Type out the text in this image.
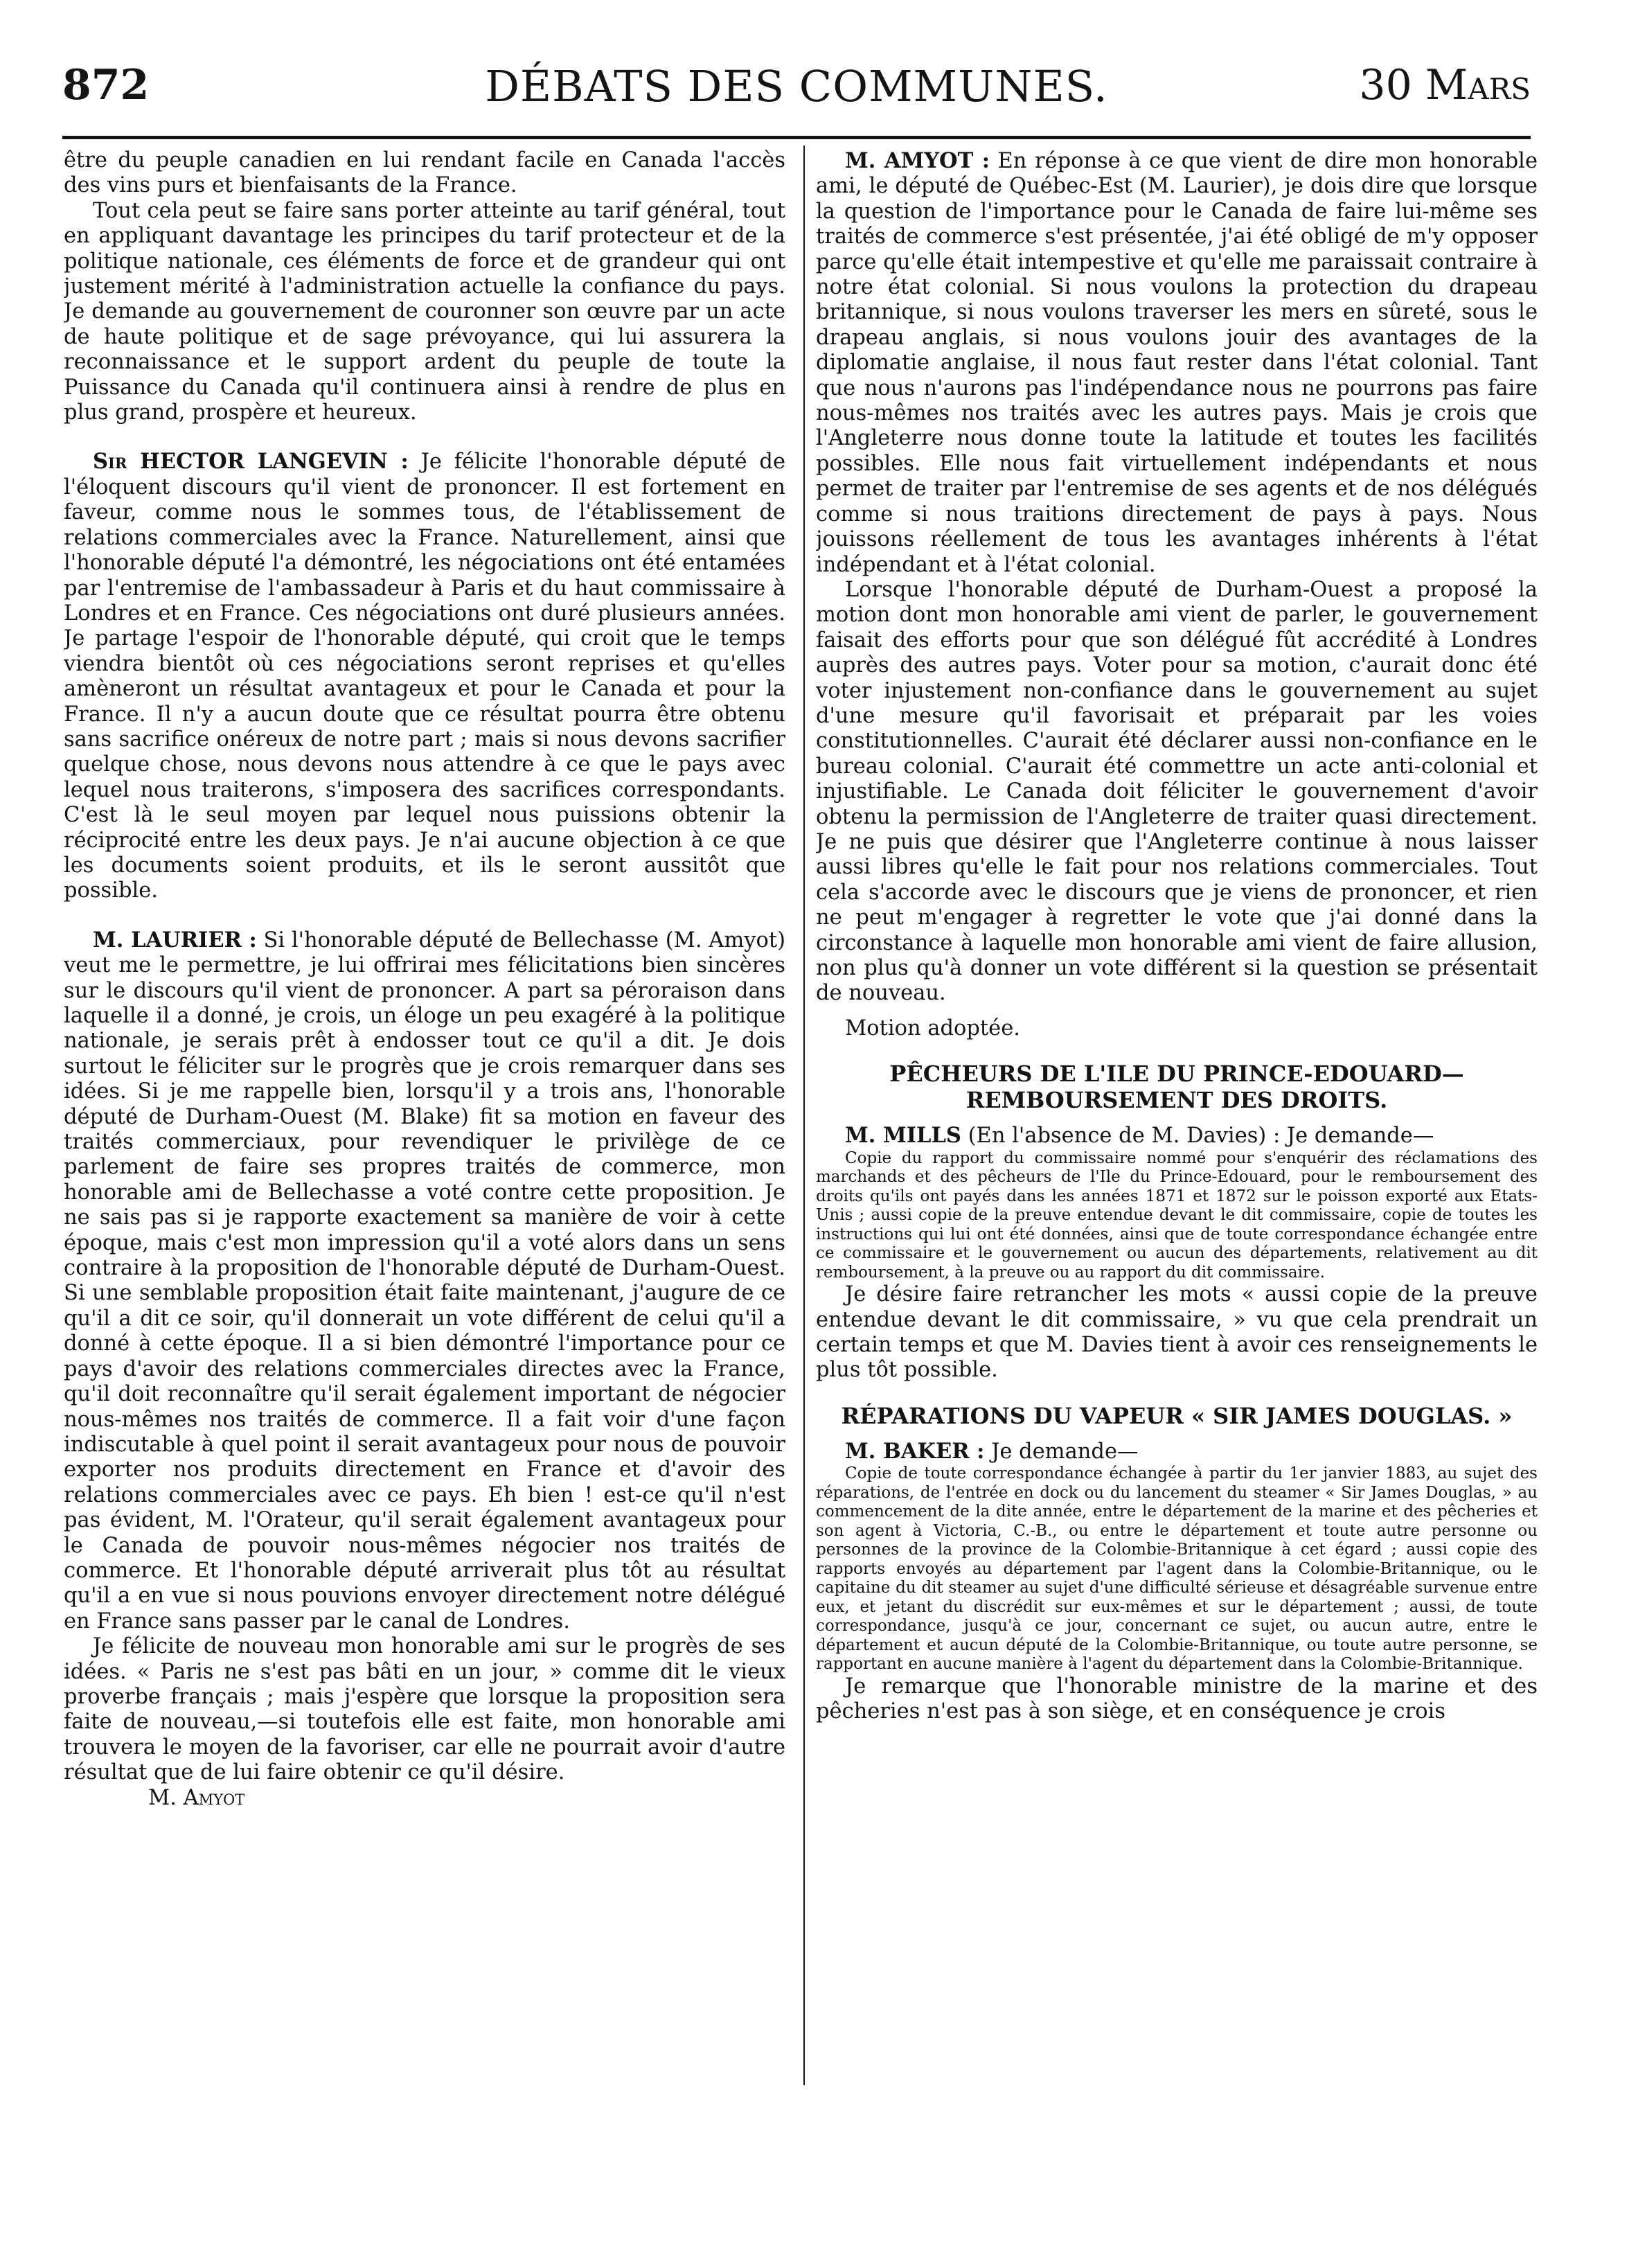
872	DÉBATS DES COMMUNES.	30 Mars

être du peuple canadien en lui rendant facile en Canada l'accès des vins purs et bienfaisants de la France.

Tout cela peut se faire sans porter atteinte au tarif général, tout en appliquant davantage les principes du tarif protecteur et de la politique nationale, ces éléments de force et de grandeur qui ont justement mérité à l'administration actuelle la confiance du pays. Je demande au gouvernement de couronner son œuvre par un acte de haute politique et de sage prévoyance, qui lui assurera la reconnaissance et le support ardent du peuple de toute la Puissance du Canada qu'il continuera ainsi à rendre de plus en plus grand, prospère et heureux.

Sir HECTOR LANGEVIN : Je félicite l'honorable député de l'éloquent discours qu'il vient de prononcer. Il est fortement en faveur, comme nous le sommes tous, de l'établissement de relations commerciales avec la France. Naturellement, ainsi que l'honorable député l'a démontré, les négociations ont été entamées par l'entremise de l'ambassadeur à Paris et du haut commissaire à Londres et en France. Ces négociations ont duré plusieurs années. Je partage l'espoir de l'honorable député, qui croit que le temps viendra bientôt où ces négociations seront reprises et qu'elles amèneront un résultat avantageux et pour le Canada et pour la France. Il n'y a aucun doute que ce résultat pourra être obtenu sans sacrifice onéreux de notre part ; mais si nous devons sacrifier quelque chose, nous devons nous attendre à ce que le pays avec lequel nous traiterons, s'imposera des sacrifices correspondants. C'est là le seul moyen par lequel nous puissions obtenir la réciprocité entre les deux pays. Je n'ai aucune objection à ce que les documents soient produits, et ils le seront aussitôt que possible.

M. LAURIER : Si l'honorable député de Bellechasse (M. Amyot) veut me le permettre, je lui offrirai mes félicitations bien sincères sur le discours qu'il vient de prononcer. A part sa péroraison dans laquelle il a donné, je crois, un éloge un peu exagéré à la politique nationale, je serais prêt à endosser tout ce qu'il a dit. Je dois surtout le féliciter sur le progrès que je crois remarquer dans ses idées. Si je me rappelle bien, lorsqu'il y a trois ans, l'honorable député de Durham-Ouest (M. Blake) fit sa motion en faveur des traités commerciaux, pour revendiquer le privilège de ce parlement de faire ses propres traités de commerce, mon honorable ami de Bellechasse a voté contre cette proposition. Je ne sais pas si je rapporte exactement sa manière de voir à cette époque, mais c'est mon impression qu'il a voté alors dans un sens contraire à la proposition de l'honorable député de Durham-Ouest. Si une semblable proposition était faite maintenant, j'augure de ce qu'il a dit ce soir, qu'il donnerait un vote différent de celui qu'il a donné à cette époque. Il a si bien démontré l'importance pour ce pays d'avoir des relations commerciales directes avec la France, qu'il doit reconnaître qu'il serait également important de négocier nous-mêmes nos traités de commerce. Il a fait voir d'une façon indiscutable à quel point il serait avantageux pour nous de pouvoir exporter nos produits directement en France et d'avoir des relations commerciales avec ce pays. Eh bien ! est-ce qu'il n'est pas évident, M. l'Orateur, qu'il serait également avantageux pour le Canada de pouvoir nous-mêmes négocier nos traités de commerce. Et l'honorable député arriverait plus tôt au résultat qu'il a en vue si nous pouvions envoyer directement notre délégué en France sans passer par le canal de Londres.

Je félicite de nouveau mon honorable ami sur le progrès de ses idées. « Paris ne s'est pas bâti en un jour, » comme dit le vieux proverbe français ; mais j'espère que lorsque la proposition sera faite de nouveau,—si toutefois elle est faite, mon honorable ami trouvera le moyen de la favoriser, car elle ne pourrait avoir d'autre résultat que de lui faire obtenir ce qu'il désire.

M. Amyot

M. AMYOT : En réponse à ce que vient de dire mon honorable ami, le député de Québec-Est (M. Laurier), je dois dire que lorsque la question de l'importance pour le Canada de faire lui-même ses traités de commerce s'est présentée, j'ai été obligé de m'y opposer parce qu'elle était intempestive et qu'elle me paraissait contraire à notre état colonial. Si nous voulons la protection du drapeau britannique, si nous voulons traverser les mers en sûreté, sous le drapeau anglais, si nous voulons jouir des avantages de la diplomatie anglaise, il nous faut rester dans l'état colonial. Tant que nous n'aurons pas l'indépendance nous ne pourrons pas faire nous-mêmes nos traités avec les autres pays. Mais je crois que l'Angleterre nous donne toute la latitude et toutes les facilités possibles. Elle nous fait virtuellement indépendants et nous permet de traiter par l'entremise de ses agents et de nos délégués comme si nous traitions directement de pays à pays. Nous jouissons réellement de tous les avantages inhérents à l'état indépendant et à l'état colonial.

Lorsque l'honorable député de Durham-Ouest a proposé la motion dont mon honorable ami vient de parler, le gouvernement faisait des efforts pour que son délégué fût accrédité à Londres auprès des autres pays. Voter pour sa motion, c'aurait donc été voter injustement non-confiance dans le gouvernement au sujet d'une mesure qu'il favorisait et préparait par les voies constitutionnelles. C'aurait été déclarer aussi non-confiance en le bureau colonial. C'aurait été commettre un acte anti-colonial et injustifiable. Le Canada doit féliciter le gouvernement d'avoir obtenu la permission de l'Angleterre de traiter quasi directement. Je ne puis que désirer que l'Angleterre continue à nous laisser aussi libres qu'elle le fait pour nos relations commerciales. Tout cela s'accorde avec le discours que je viens de prononcer, et rien ne peut m'engager à regretter le vote que j'ai donné dans la circonstance à laquelle mon honorable ami vient de faire allusion, non plus qu'à donner un vote différent si la question se présentait de nouveau.

Motion adoptée.

PÊCHEURS DE L'ILE DU PRINCE-EDOUARD—REMBOURSEMENT DES DROITS.

M. MILLS (En l'absence de M. Davies) : Je demande—

Copie du rapport du commissaire nommé pour s'enquérir des réclamations des marchands et des pêcheurs de l'Ile du Prince-Edouard, pour le remboursement des droits qu'ils ont payés dans les années 1871 et 1872 sur le poisson exporté aux Etats-Unis ; aussi copie de la preuve entendue devant le dit commissaire, copie de toutes les instructions qui lui ont été données, ainsi que de toute correspondance échangée entre ce commissaire et le gouvernement ou aucun des départements, relativement au dit remboursement, à la preuve ou au rapport du dit commissaire.

Je désire faire retrancher les mots « aussi copie de la preuve entendue devant le dit commissaire, » vu que cela prendrait un certain temps et que M. Davies tient à avoir ces renseignements le plus tôt possible.

RÉPARATIONS DU VAPEUR « SIR JAMES DOUGLAS. »

M. BAKER : Je demande—

Copie de toute correspondance échangée à partir du 1er janvier 1883, au sujet des réparations, de l'entrée en dock ou du lancement du steamer « Sir James Douglas, » au commencement de la dite année, entre le département de la marine et des pêcheries et son agent à Victoria, C.-B., ou entre le département et toute autre personne ou personnes de la province de la Colombie-Britannique à cet égard ; aussi copie des rapports envoyés au département par l'agent dans la Colombie-Britannique, ou le capitaine du dit steamer au sujet d'une difficulté sérieuse et désagréable survenue entre eux, et jetant du discrédit sur eux-mêmes et sur le département ; aussi, de toute correspondance, jusqu'à ce jour, concernant ce sujet, ou aucun autre, entre le département et aucun député de la Colombie-Britannique, ou toute autre personne, se rapportant en aucune manière à l'agent du département dans la Colombie-Britannique.

Je remarque que l'honorable ministre de la marine et des pêcheries n'est pas à son siège, et en conséquence je crois
